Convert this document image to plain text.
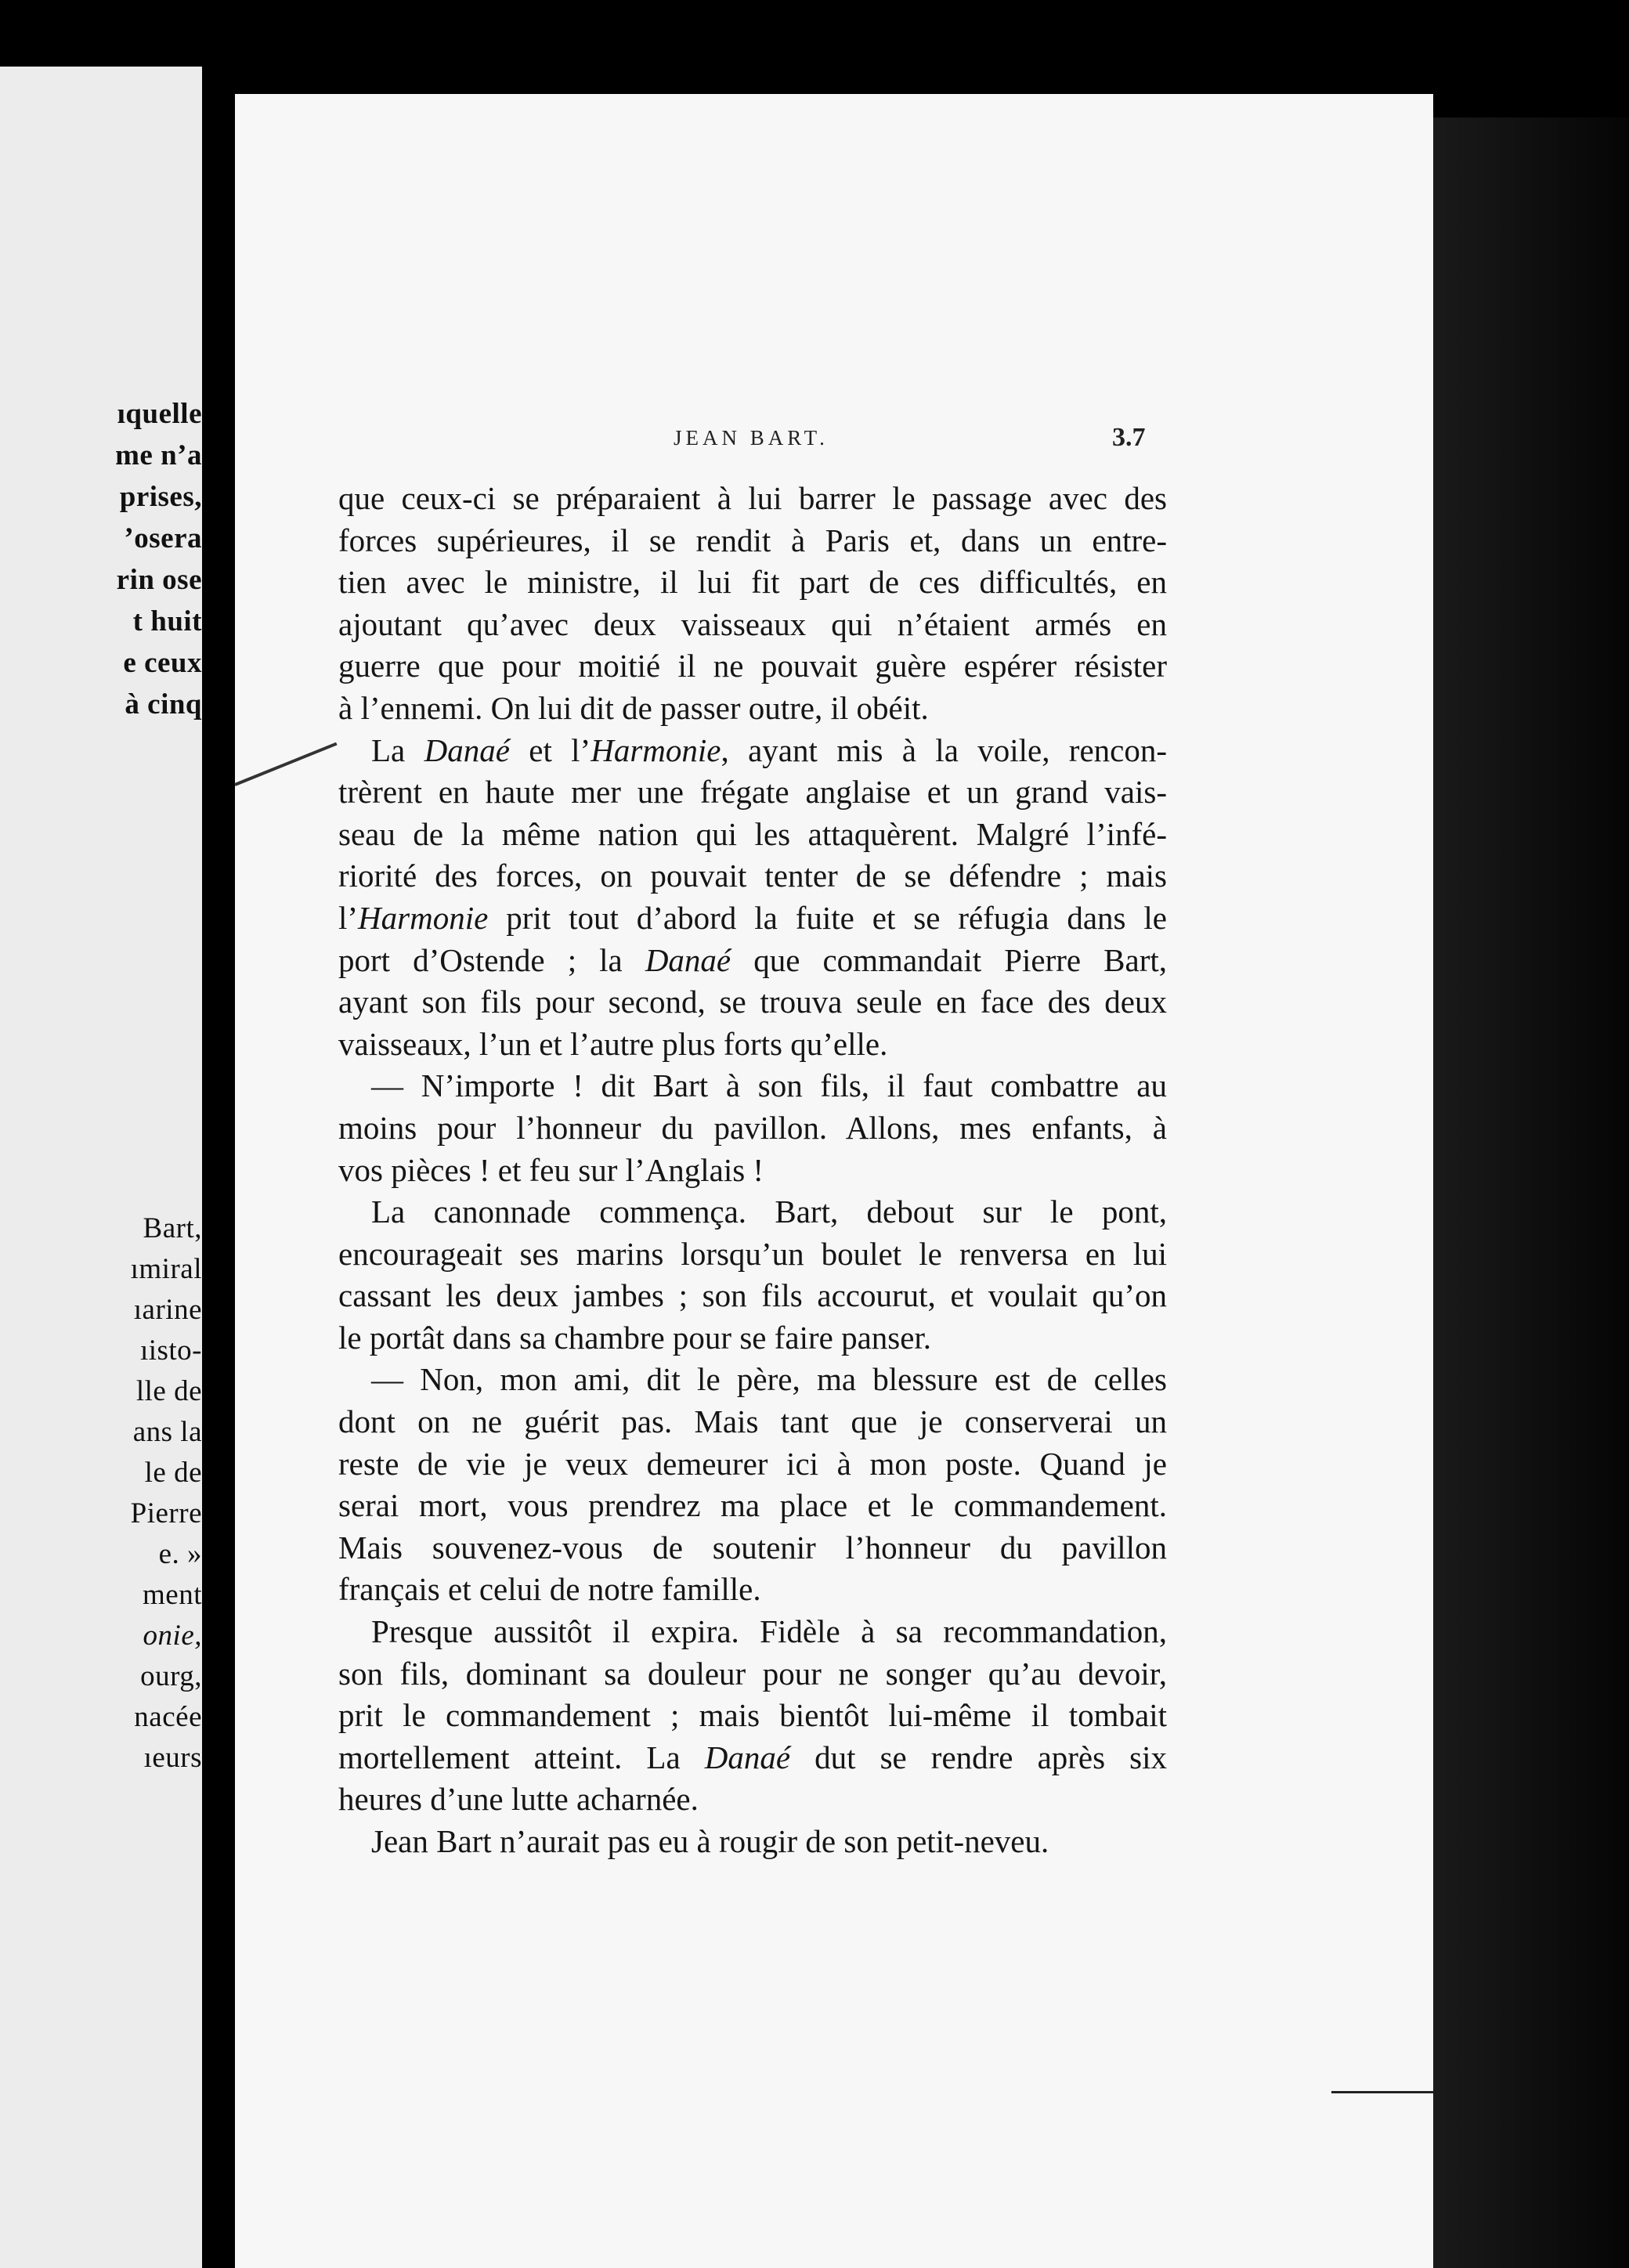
ıquelle
me n’a
prises,
’osera
rin ose
t huit
e ceux
à cinq
Bart,
ımiral
ıarine
ıisto-
lle de
ans la
le de
Pierre
e. »
ment
onie,
ourg,
nacée
ıeurs
JEAN BART.	3.7
que ceux-ci se préparaient à lui barrer le passage avec des
forces supérieures, il se rendit à Paris et, dans un entre-
tien avec le ministre, il lui fit part de ces difficultés, en
ajoutant qu’avec deux vaisseaux qui n’étaient armés en
guerre que pour moitié il ne pouvait guère espérer résister
à l’ennemi. On lui dit de passer outre, il obéit.
La Danaé et l’Harmonie, ayant mis à la voile, rencon-
trèrent en haute mer une frégate anglaise et un grand vais-
seau de la même nation qui les attaquèrent. Malgré l’infé-
riorité des forces, on pouvait tenter de se défendre ; mais
l’Harmonie prit tout d’abord la fuite et se réfugia dans le
port d’Ostende ; la Danaé que commandait Pierre Bart,
ayant son fils pour second, se trouva seule en face des deux
vaisseaux, l’un et l’autre plus forts qu’elle.
— N’importe ! dit Bart à son fils, il faut combattre au
moins pour l’honneur du pavillon. Allons, mes enfants, à
vos pièces ! et feu sur l’Anglais !
La canonnade commença. Bart, debout sur le pont,
encourageait ses marins lorsqu’un boulet le renversa en lui
cassant les deux jambes ; son fils accourut, et voulait qu’on
le portât dans sa chambre pour se faire panser.
— Non, mon ami, dit le père, ma blessure est de celles
dont on ne guérit pas. Mais tant que je conserverai un
reste de vie je veux demeurer ici à mon poste. Quand je
serai mort, vous prendrez ma place et le commandement.
Mais souvenez-vous de soutenir l’honneur du pavillon
français et celui de notre famille.
Presque aussitôt il expira. Fidèle à sa recommandation,
son fils, dominant sa douleur pour ne songer qu’au devoir,
prit le commandement ; mais bientôt lui-même il tombait
mortellement atteint. La Danaé dut se rendre après six
heures d’une lutte acharnée.
Jean Bart n’aurait pas eu à rougir de son petit-neveu.
